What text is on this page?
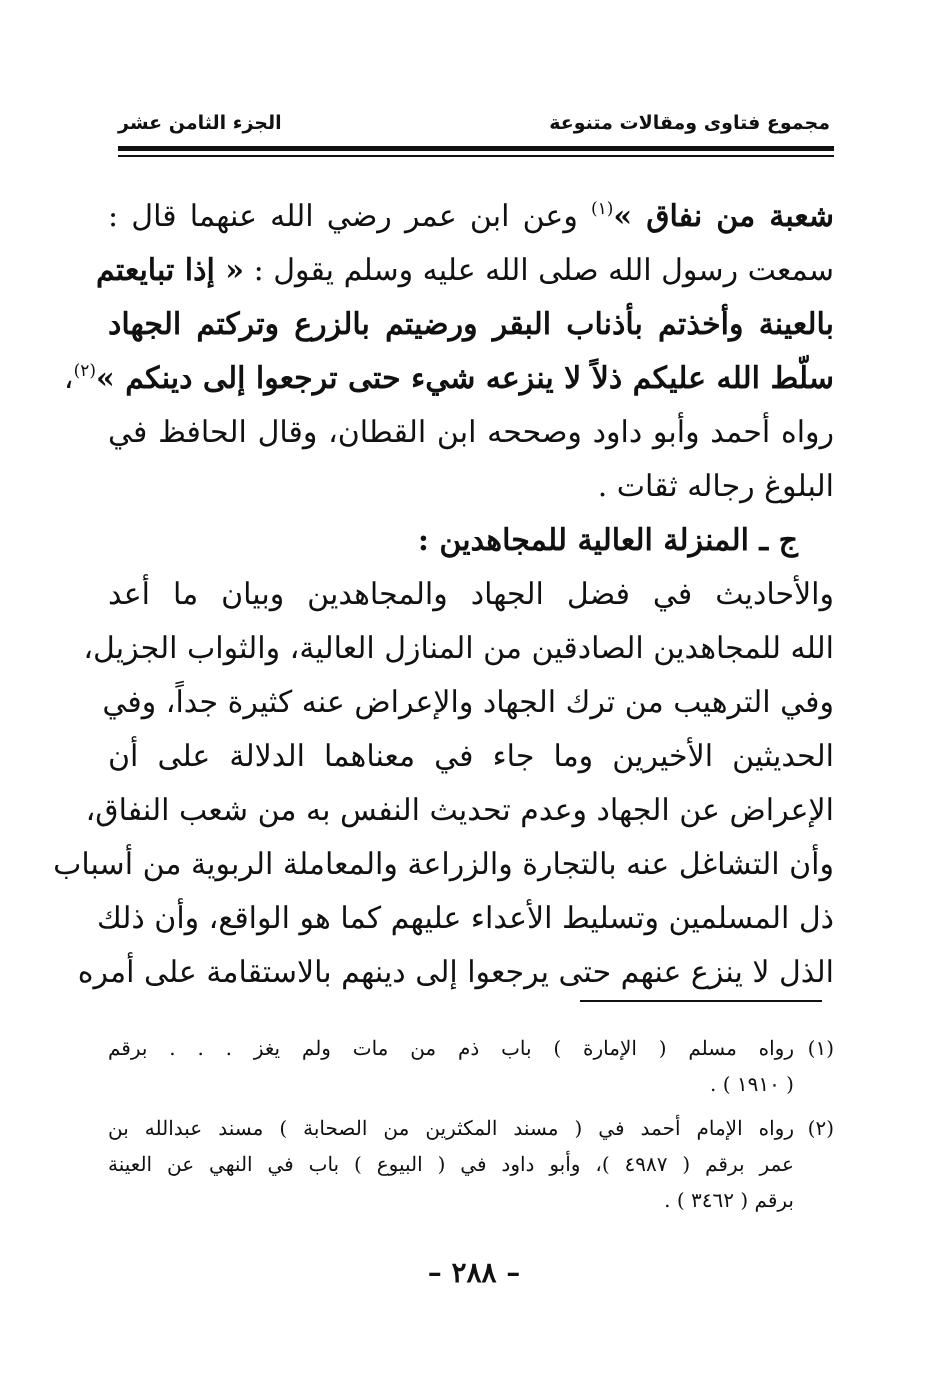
مجموع فتاوى ومقالات متنوعة
الجزء الثامن عشر
شعبة من نفاق »$^{(١)}$ وعن ابن عمر رضي الله عنهما قال :
سمعت رسول الله صلى الله عليه وسلم يقول : « إذا تبايعتم
بالعينة وأخذتم بأذناب البقر ورضيتم بالزرع وتركتم الجهاد
سلّط الله عليكم ذلاً لا ينزعه شيء حتى ترجعوا إلى دينكم »$^{(٢)}$،
رواه أحمد وأبو داود وصححه ابن القطان، وقال الحافظ في
البلوغ رجاله ثقات .
ج ـ المنزلة العالية للمجاهدين :
والأحاديث في فضل الجهاد والمجاهدين وبيان ما أعد
الله للمجاهدين الصادقين من المنازل العالية، والثواب الجزيل،
وفي الترهيب من ترك الجهاد والإعراض عنه كثيرة جداً، وفي
الحديثين الأخيرين وما جاء في معناهما الدلالة على أن
الإعراض عن الجهاد وعدم تحديث النفس به من شعب النفاق،
وأن التشاغل عنه بالتجارة والزراعة والمعاملة الربوية من أسباب
ذل المسلمين وتسليط الأعداء عليهم كما هو الواقع، وأن ذلك
الذل لا ينزع عنهم حتى يرجعوا إلى دينهم بالاستقامة على أمره
(١)
رواه مسلم ( الإمارة ) باب ذم من مات ولم يغز . . . برقم
( ١٩١٠ ) .
(٢)
رواه الإمام أحمد في ( مسند المكثرين من الصحابة ) مسند عبدالله بن
عمر برقم ( ٤٩٨٧ )، وأبو داود في ( البيوع ) باب في النهي عن العينة
برقم ( ٣٤٦٢ ) .
– ٢٨٨ –
